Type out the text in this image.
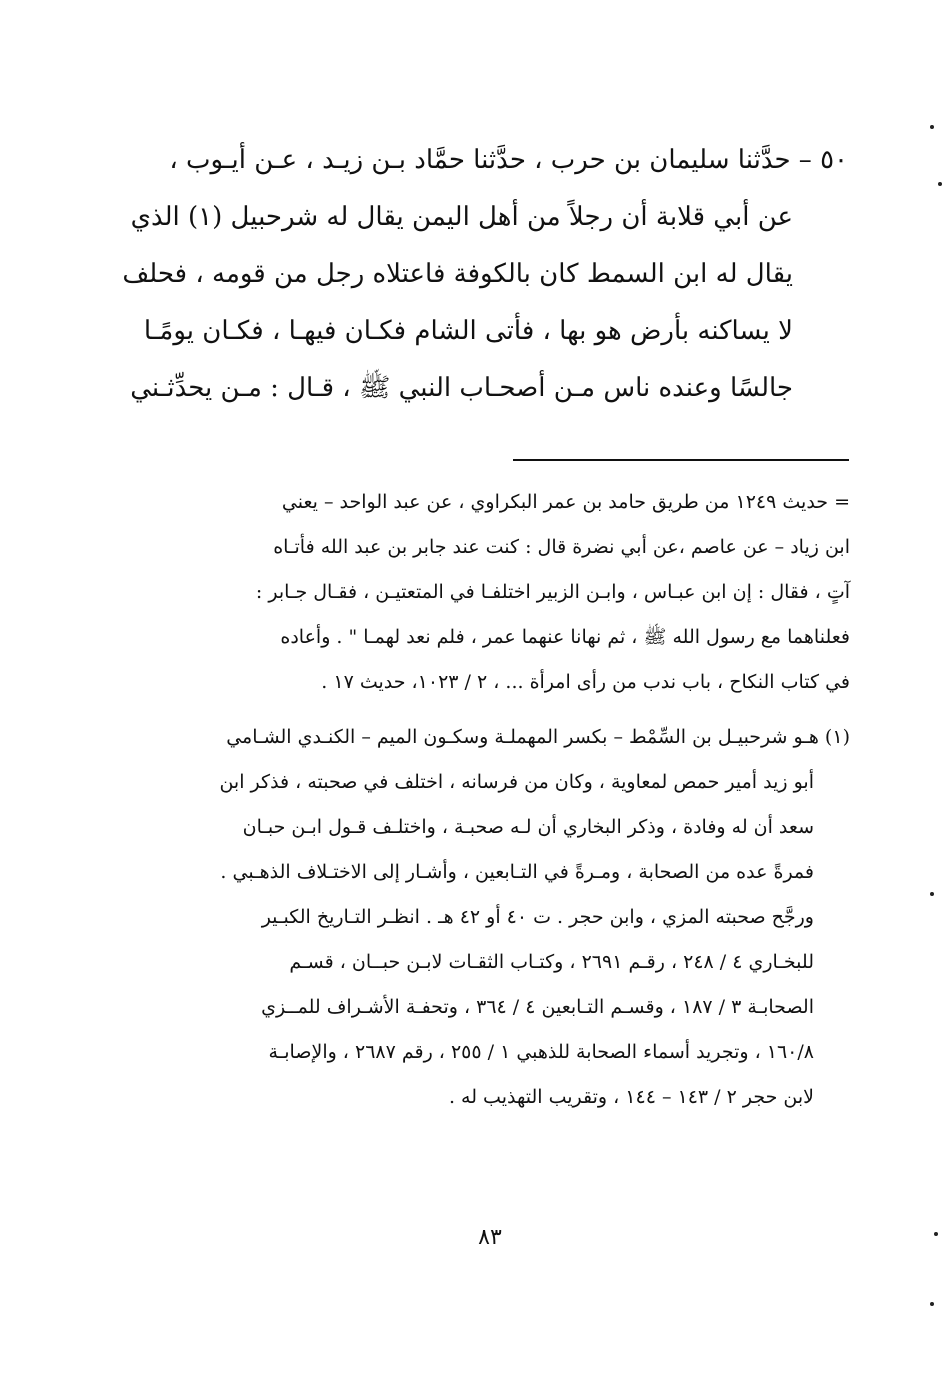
٥٠ – حدَّثنا سليمان بن حرب ، حدَّثنا حمَّاد بـن زيـد ، عـن أيـوب ،
عن أبي قلابة أن رجلاً من أهل اليمن يقال له شرحبيل (١) الذي
يقال له ابن السمط كان بالكوفة فاعتلاه رجل من قومه ، فحلف
لا يساكنه بأرض هو بها ، فأتى الشام فكـان فيهـا ، فكـان يومًـا
جالسًا وعنده ناس مـن أصحـاب النبي ﷺ ، قـال : مـن يحدِّثـني
= حديث ١٢٤٩ من طريق حامد بن عمر البكراوي ، عن عبد الواحد – يعني
ابن زياد – عن عاصم ،عن أبي نضرة قال : كنت عند جابر بن عبد الله فأتـاه
آتٍ ، فقال : إن ابن عبـاس ، وابـن الزبير اختلفـا في المتعتيـن ، فقـال جـابر :
فعلناهما مع رسول الله ﷺ ، ثم نهانا عنهما عمر ، فلم نعد لهمـا " . وأعاده
في كتاب النكاح ، باب ندب من رأى امرأة ... ، ٢ / ١٠٢٣، حديث ١٧ .
(١) هـو شرحبيـل بن السِّمْط – بكسر المهملـة وسكـون الميم – الكنـدي الشـامي
أبو زيد أمير حمص لمعاوية ، وكان من فرسانه ، اختلف في صحبته ، فذكر ابن
سعد أن له وفادة ، وذكر البخاري أن لـه صحبـة ، واختلـف قـول ابـن حبـان
فمرةً عده من الصحابة ، ومـرةً في التـابعين ، وأشـار إلى الاختـلاف الذهـبي .
ورجَّح صحبته المزي ، وابن حجر . ت ٤٠ أو ٤٢ هـ . انظـر التـاريخ الكبـير
للبخـاري ٤ / ٢٤٨ ، رقـم ٢٦٩١ ، وكتـاب الثقـات لابـن حبــان ، قسـم
الصحابـة ٣ / ١٨٧ ، وقسـم التـابعين ٤ / ٣٦٤ ، وتحفـة الأشـراف للمــزي
١٦٠/٨ ، وتجريد أسماء الصحابة للذهبي ١ / ٢٥٥ ، رقم ٢٦٨٧ ، والإصابـة
لابن حجر ٢ / ١٤٣ – ١٤٤ ، وتقريب التهذيب له .
٨٣
